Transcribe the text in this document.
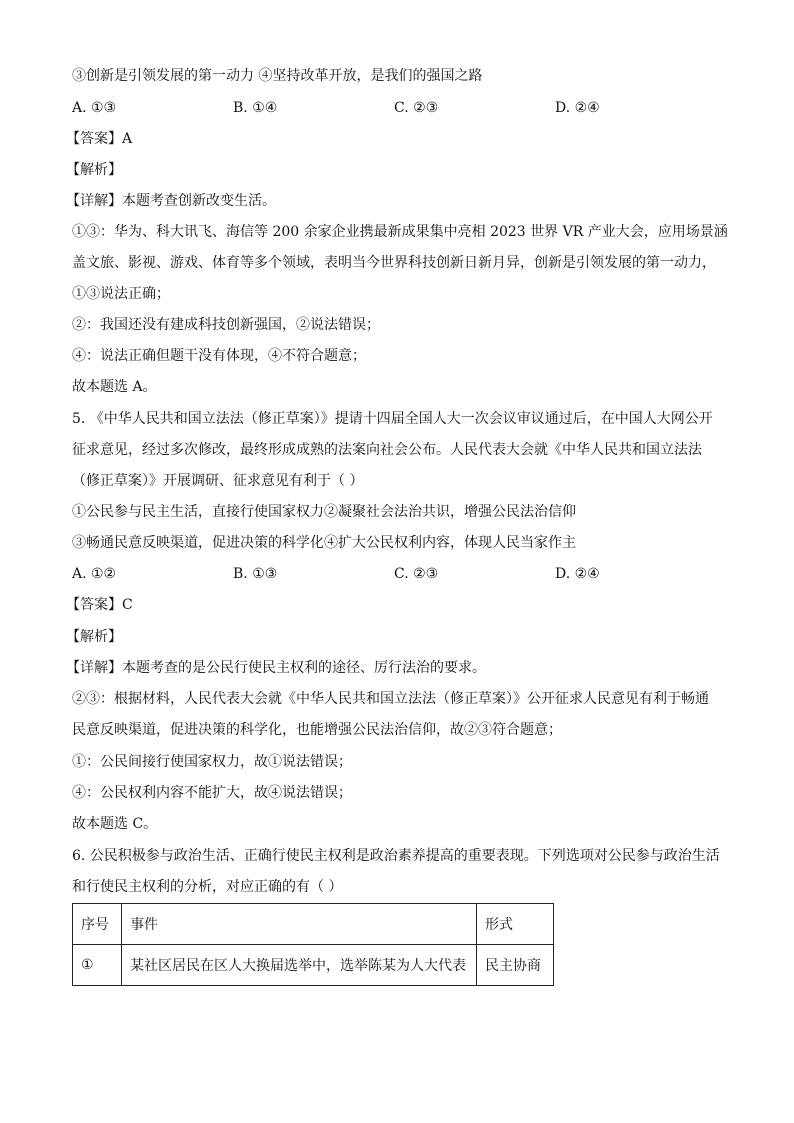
③创新是引领发展的第一动力 ④坚持改革开放，是我们的强国之路
A. ①③	B. ①④	C. ②③	D. ②④
【答案】A
【解析】
【详解】本题考查创新改变生活。
①③：华为、科大讯飞、海信等 200 余家企业携最新成果集中亮相 2023 世界 VR 产业大会，应用场景涵
盖文旅、影视、游戏、体育等多个领域，表明当今世界科技创新日新月异，创新是引领发展的第一动力，
①③说法正确；
②：我国还没有建成科技创新强国，②说法错误；
④：说法正确但题干没有体现，④不符合题意；
故本题选 A。
5. 《中华人民共和国立法法（修正草案）》提请十四届全国人大一次会议审议通过后，在中国人大网公开
征求意见，经过多次修改，最终形成成熟的法案向社会公布。人民代表大会就《中华人民共和国立法法
（修正草案）》开展调研、征求意见有利于（ ）
①公民参与民主生活，直接行使国家权力②凝聚社会法治共识，增强公民法治信仰
③畅通民意反映渠道，促进决策的科学化④扩大公民权利内容，体现人民当家作主
A. ①②	B. ①③	C. ②③	D. ②④
【答案】C
【解析】
【详解】本题考查的是公民行使民主权利的途径、厉行法治的要求。
②③：根据材料，人民代表大会就《中华人民共和国立法法（修正草案）》公开征求人民意见有利于畅通
民意反映渠道，促进决策的科学化，也能增强公民法治信仰，故②③符合题意；
①：公民间接行使国家权力，故①说法错误；
④：公民权利内容不能扩大，故④说法错误；
故本题选 C。
6. 公民积极参与政治生活、正确行使民主权利是政治素养提高的重要表现。下列选项对公民参与政治生活
和行使民主权利的分析，对应正确的有（ ）
序号	事件	形式
①	某社区居民在区人大换届选举中，选举陈某为人大代表	民主协商
